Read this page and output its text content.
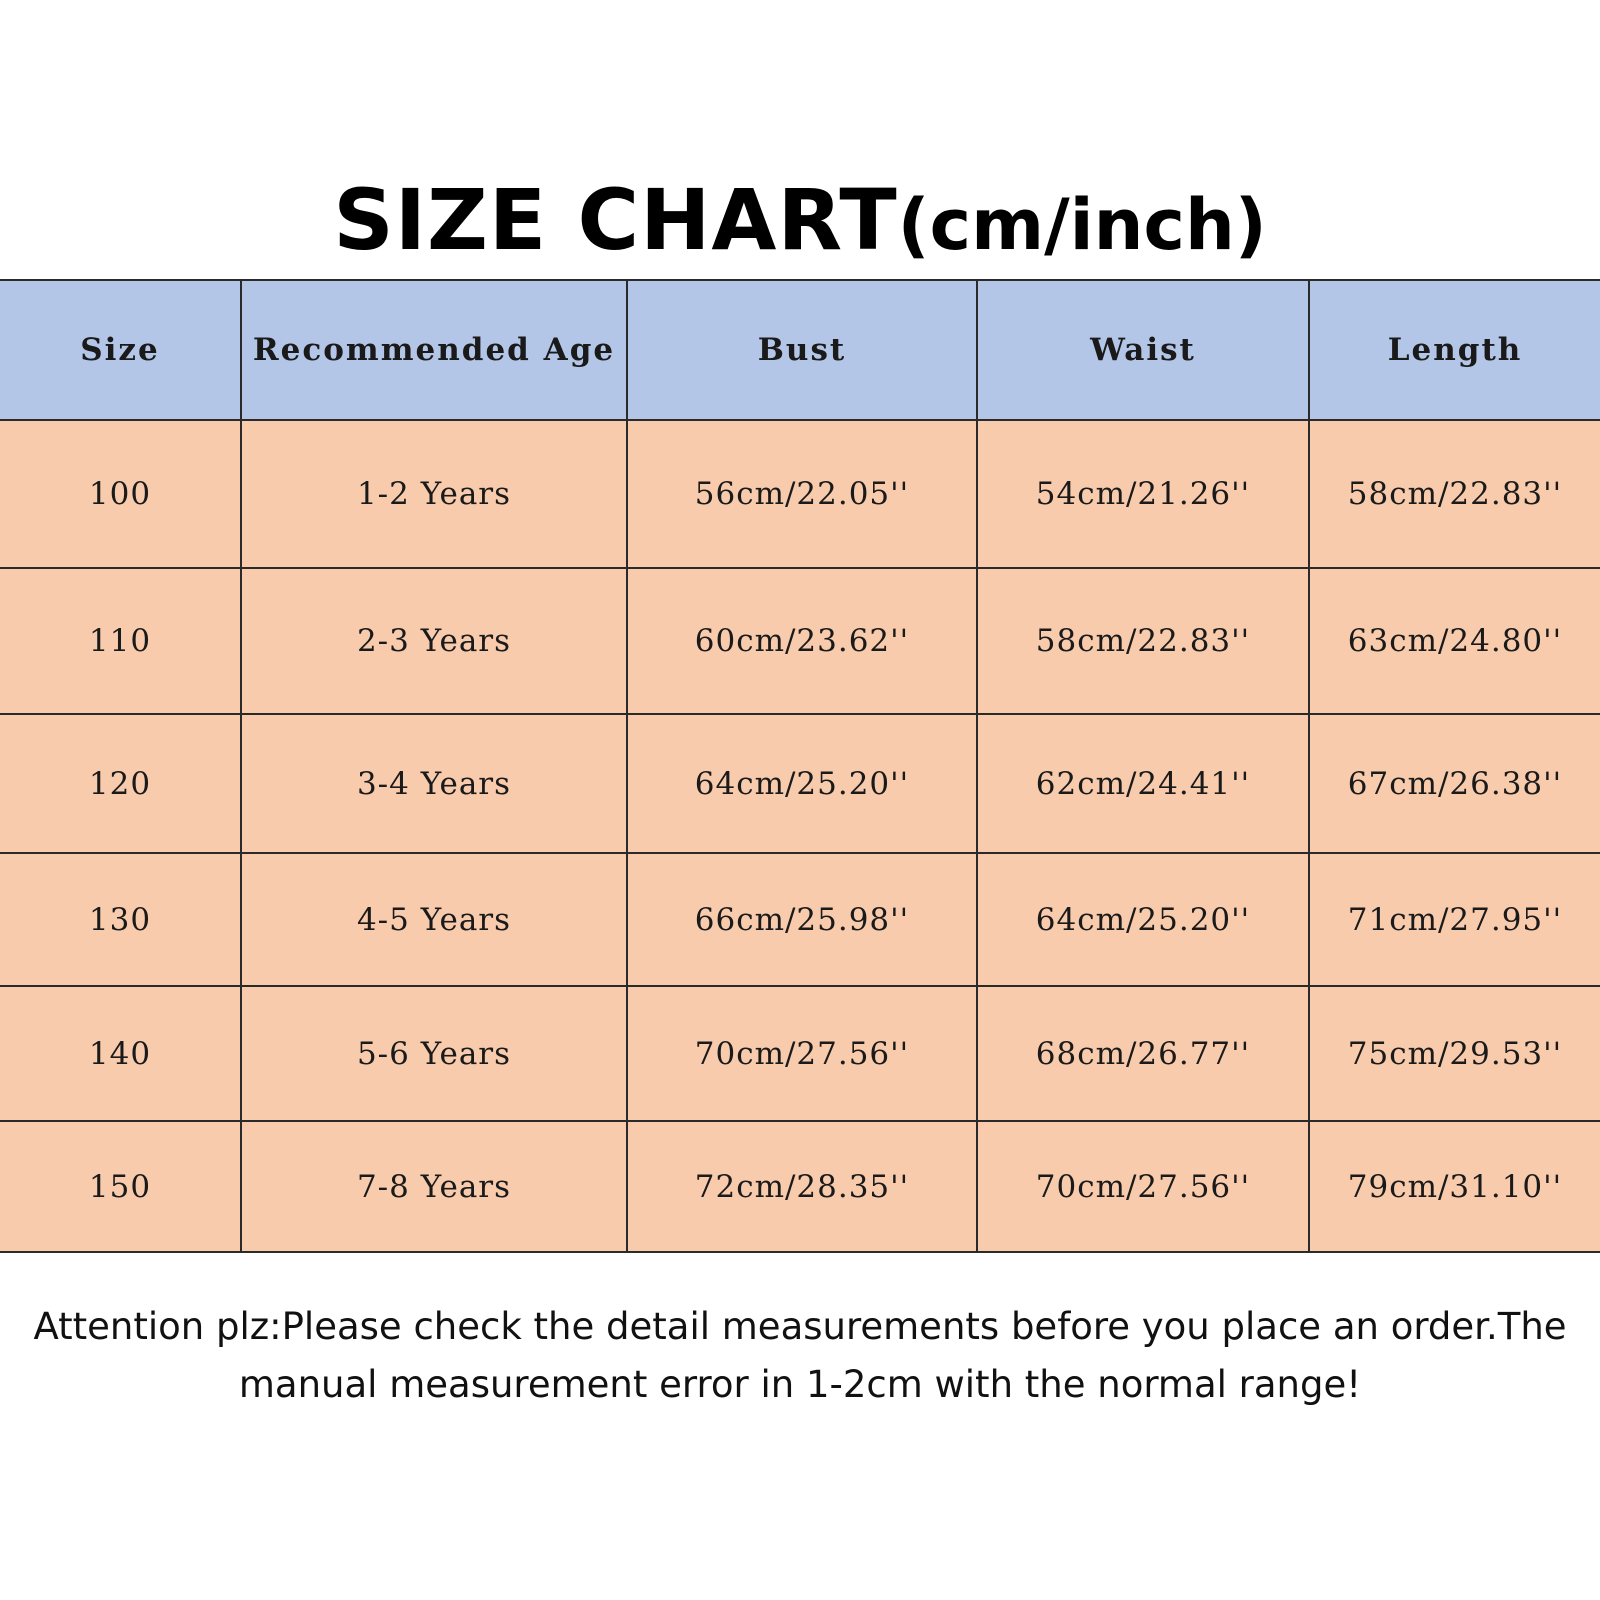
SIZE CHART(cm/inch)
Size	Recommended Age	Bust	Waist	Length
100	1-2 Years	56cm/22.05''	54cm/21.26''	58cm/22.83''
110	2-3 Years	60cm/23.62''	58cm/22.83''	63cm/24.80''
120	3-4 Years	64cm/25.20''	62cm/24.41''	67cm/26.38''
130	4-5 Years	66cm/25.98''	64cm/25.20''	71cm/27.95''
140	5-6 Years	70cm/27.56''	68cm/26.77''	75cm/29.53''
150	7-8 Years	72cm/28.35''	70cm/27.56''	79cm/31.10''
Attention plz:Please check the detail measurements before you place an order.The
manual measurement error in 1-2cm with the normal range!
